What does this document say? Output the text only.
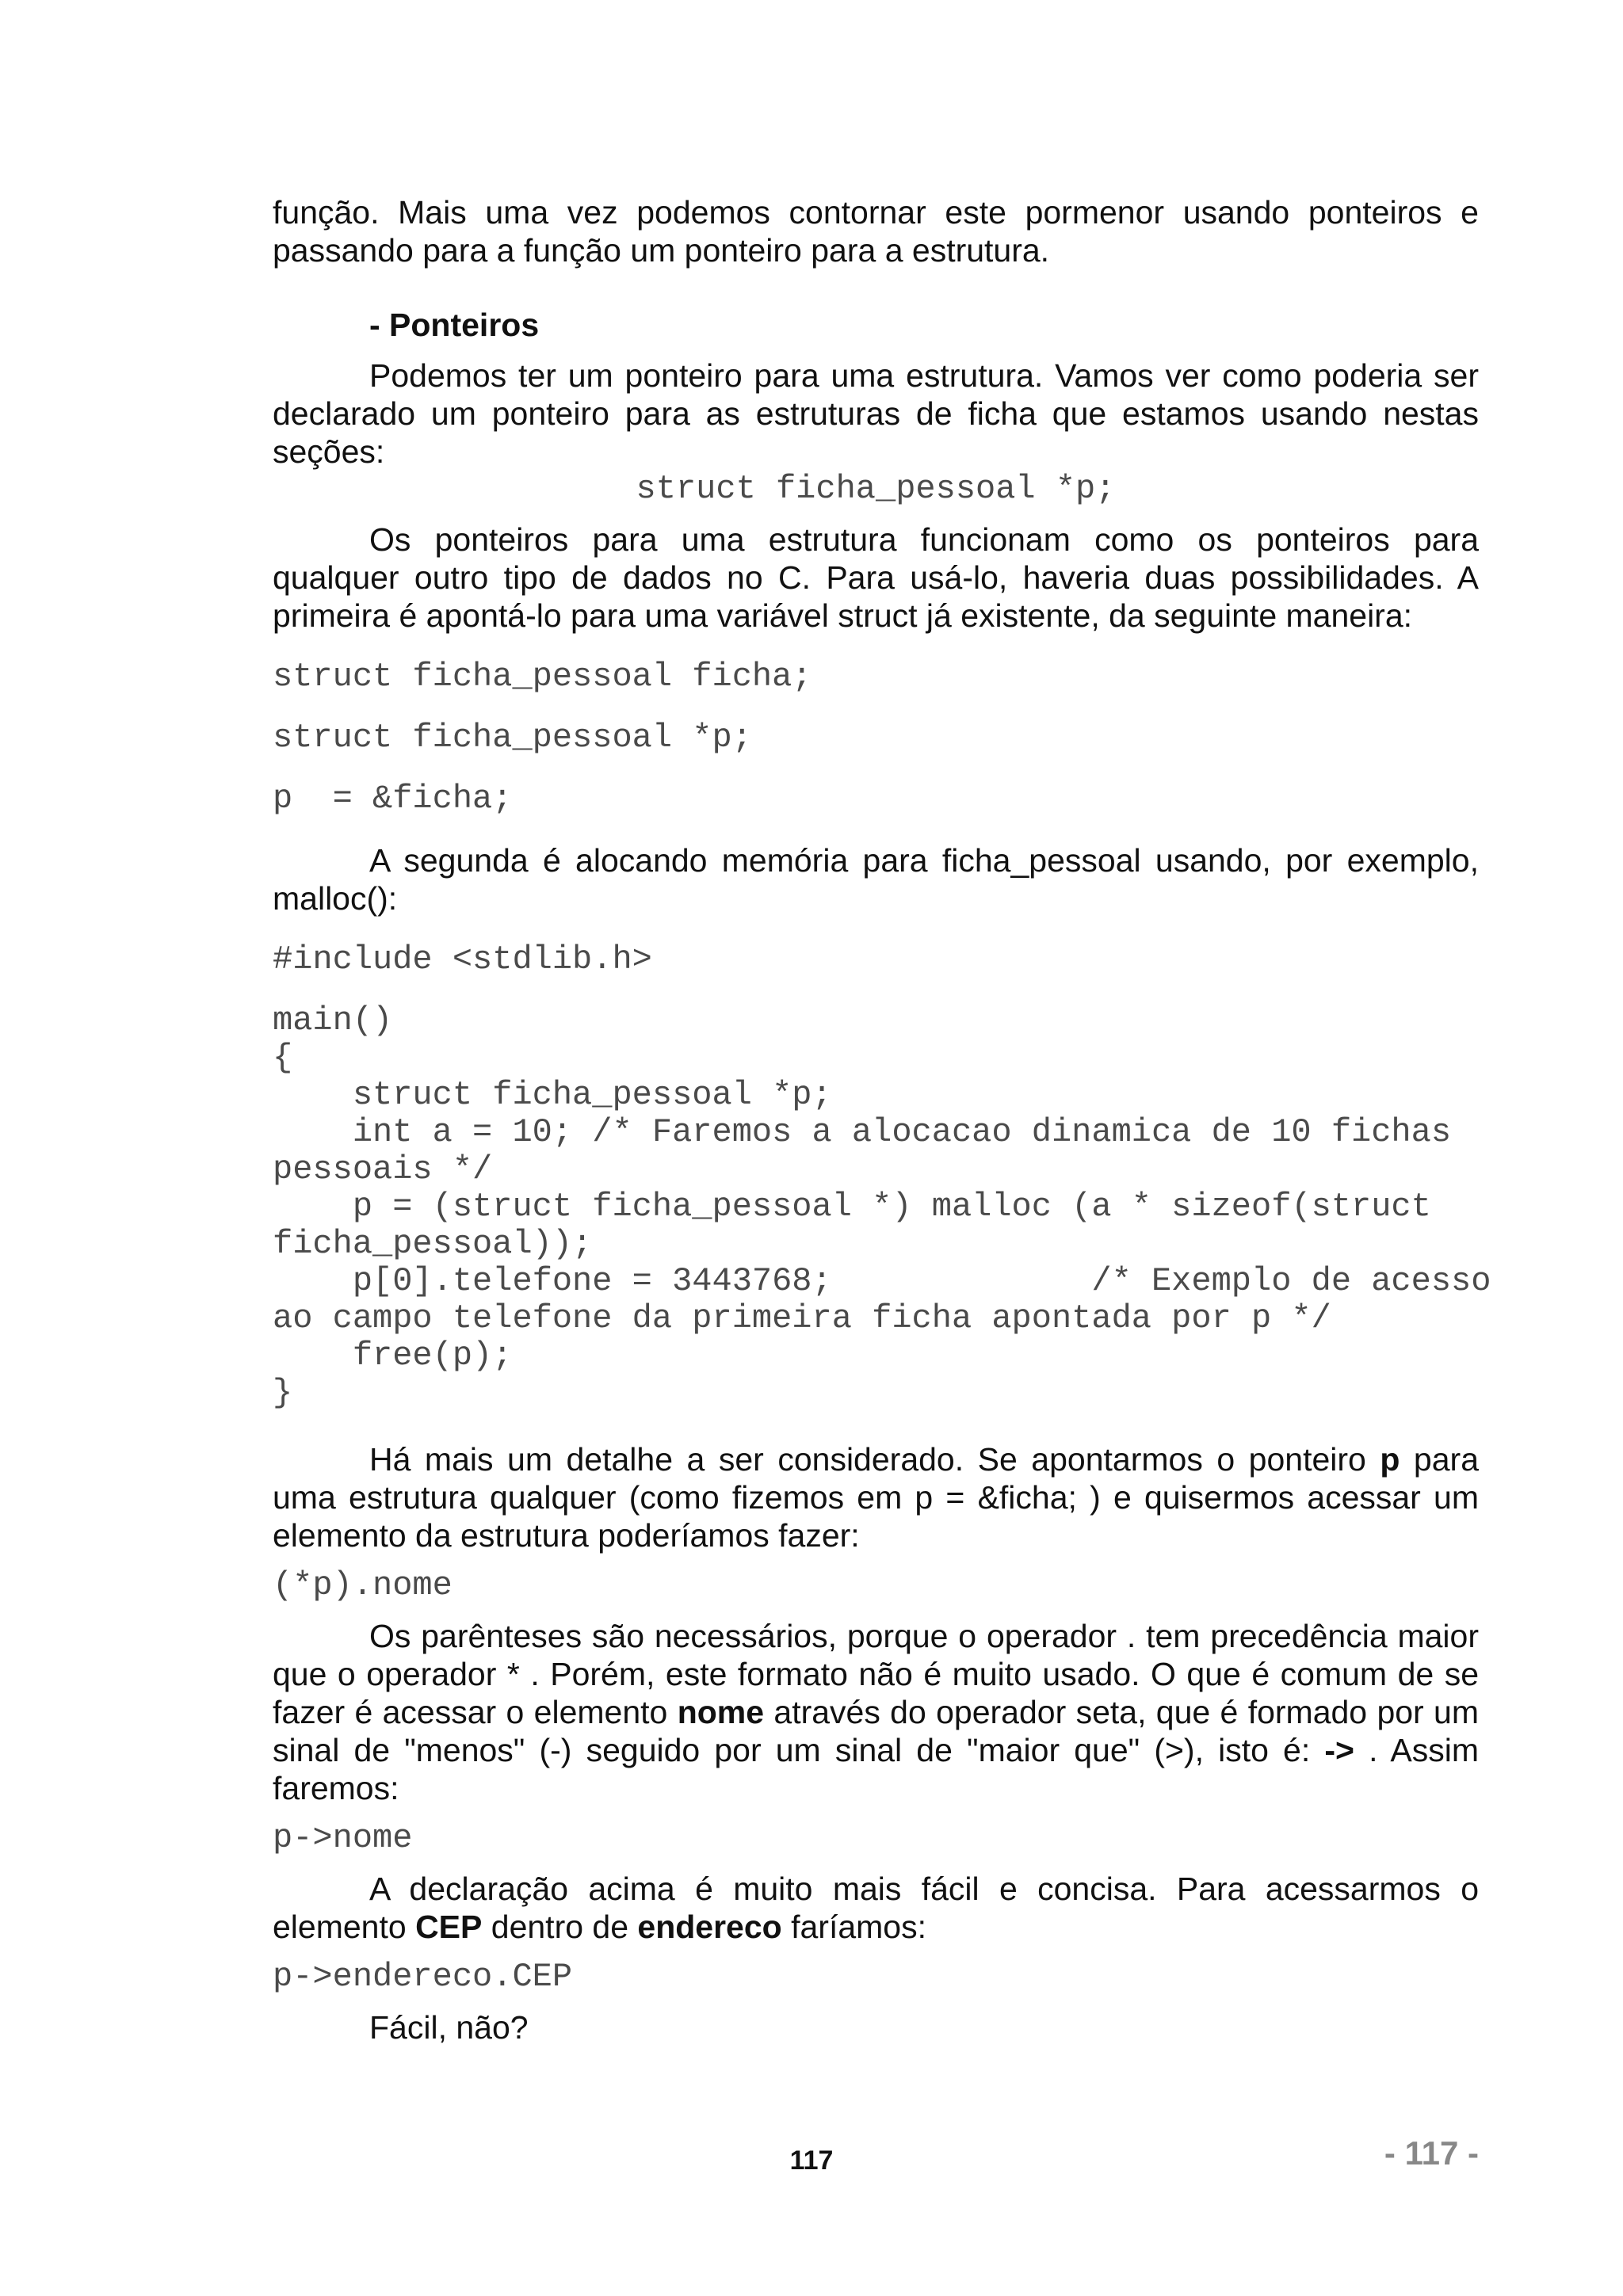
função. Mais uma vez podemos contornar este pormenor usando ponteiros e passando para a função um ponteiro para a estrutura.

- Ponteiros

Podemos ter um ponteiro para uma estrutura. Vamos ver como poderia ser declarado um ponteiro para as estruturas de ficha que estamos usando nestas seções:

struct ficha_pessoal *p;

Os ponteiros para uma estrutura funcionam como os ponteiros para qualquer outro tipo de dados no C. Para usá-lo, haveria duas possibilidades. A primeira é apontá-lo para uma variável struct já existente, da seguinte maneira:

struct ficha_pessoal ficha;
struct ficha_pessoal *p;
p  = &ficha;

A segunda é alocando memória para ficha_pessoal usando, por exemplo, malloc():

#include <stdlib.h>
main()
{
struct ficha_pessoal *p;
int a = 10; /* Faremos a alocacao dinamica de 10 fichas
pessoais */
p = (struct ficha_pessoal *) malloc (a * sizeof(struct
ficha_pessoal));
p[0].telefone = 3443768;             /* Exemplo de acesso
ao campo telefone da primeira ficha apontada por p */
free(p);
}

Há mais um detalhe a ser considerado. Se apontarmos o ponteiro p para uma estrutura qualquer (como fizemos em p = &ficha; ) e quisermos acessar um elemento da estrutura poderíamos fazer:

(*p).nome

Os parênteses são necessários, porque o operador . tem precedência maior que o operador * . Porém, este formato não é muito usado. O que é comum de se fazer é acessar o elemento nome através do operador seta, que é formado por um sinal de "menos" (-) seguido por um sinal de "maior que" (>), isto é: -> . Assim faremos:

p->nome

A declaração acima é muito mais fácil e concisa. Para acessarmos o elemento CEP dentro de endereco faríamos:

p->endereco.CEP

Fácil, não?

117	- 117 -
